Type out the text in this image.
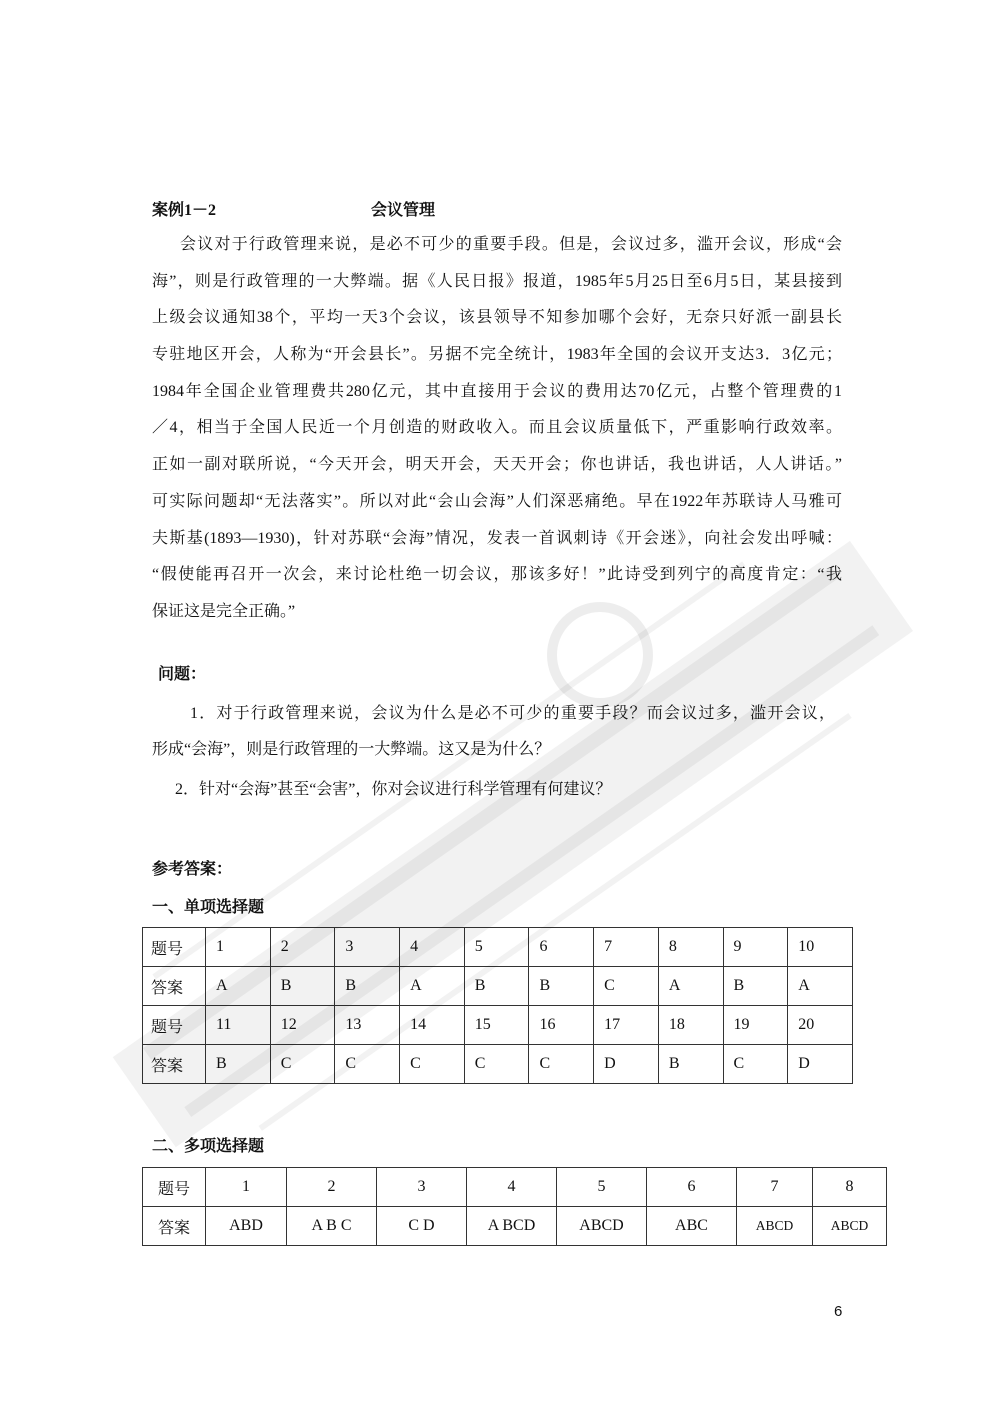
案例1－2	会议管理
会议对于行政管理来说，是必不可少的重要手段。但是，会议过多，滥开会议，形成“会
海”，则是行政管理的一大弊端。据《人民日报》报道，1985年5月25日至6月5日，某县接到
上级会议通知38个，平均一天3个会议，该县领导不知参加哪个会好，无奈只好派一副县长
专驻地区开会，人称为“开会县长”。另据不完全统计，1983年全国的会议开支达3．3亿元；
1984年全国企业管理费共280亿元，其中直接用于会议的费用达70亿元，占整个管理费的1
／4，相当于全国人民近一个月创造的财政收入。而且会议质量低下，严重影响行政效率。
正如一副对联所说，“今天开会，明天开会，天天开会；你也讲话，我也讲话，人人讲话。”
可实际问题却“无法落实”。所以对此“会山会海”人们深恶痛绝。早在1922年苏联诗人马雅可
夫斯基(1893—1930)，针对苏联“会海”情况，发表一首讽刺诗《开会迷》，向社会发出呼喊：
“假使能再召开一次会，来讨论杜绝一切会议，那该多好！”此诗受到列宁的高度肯定：“我
保证这是完全正确。”
问题：
1．对于行政管理来说，会议为什么是必不可少的重要手段？而会议过多，滥开会议，
形成“会海”，则是行政管理的一大弊端。这又是为什么？
2．针对“会海”甚至“会害”，你对会议进行科学管理有何建议？
参考答案：
一、单项选择题
题号	1	2	3	4	5	6	7	8	9	10
答案	A	B	B	A	B	B	C	A	B	A
题号	11	12	13	14	15	16	17	18	19	20
答案	B	C	C	C	C	C	D	B	C	D
二、多项选择题
题号	1	2	3	4	5	6	7	8
答案	ABD	A B C	C D	A BCD	ABCD	ABC	ABCD	ABCD
6
